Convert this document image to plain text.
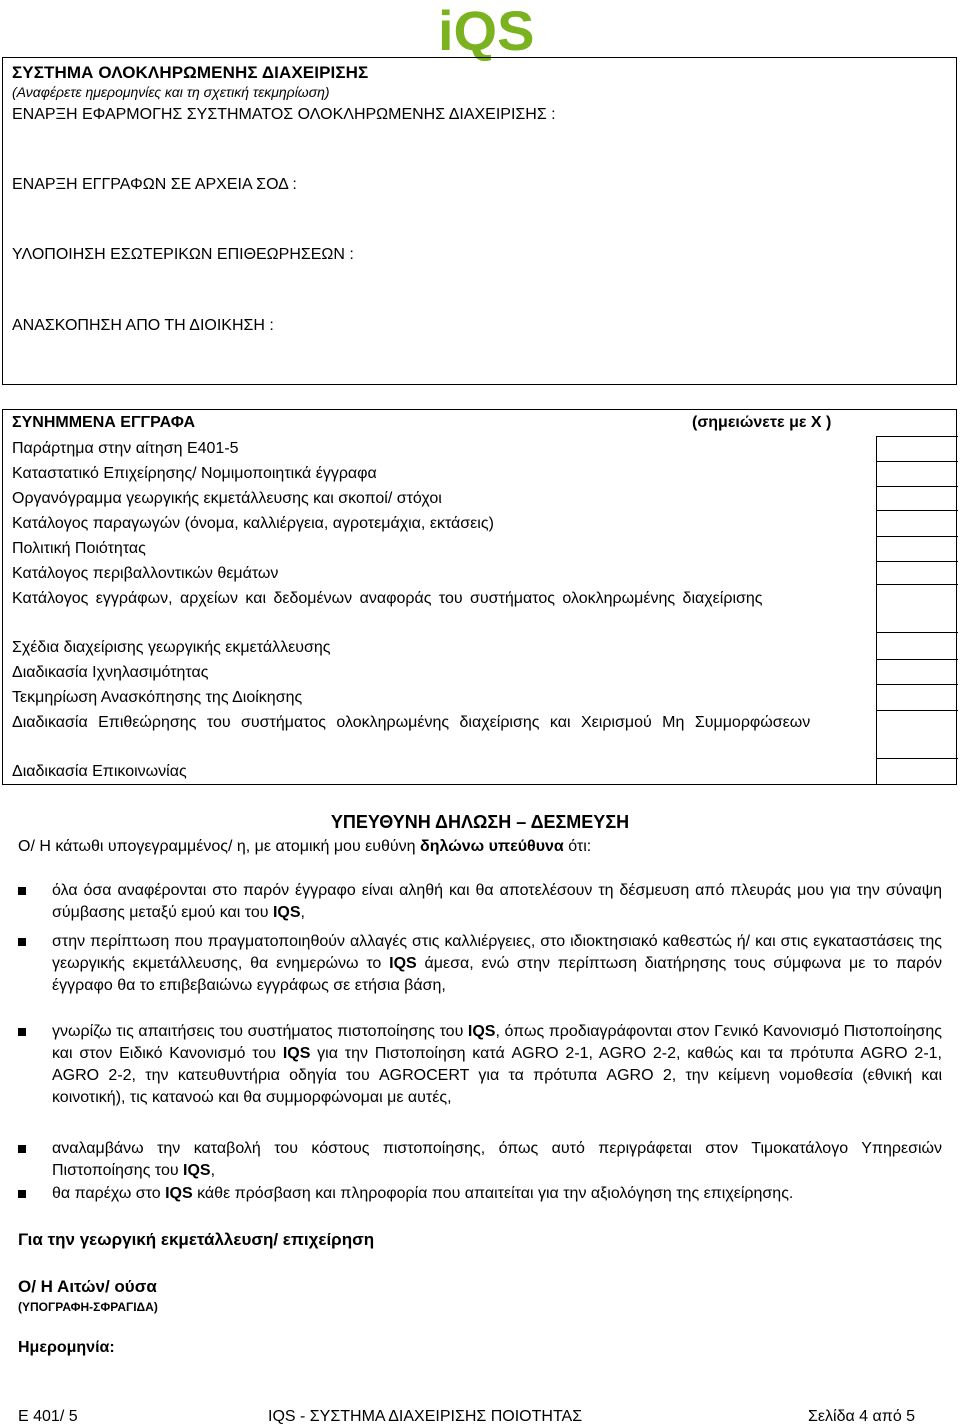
iQS
ΣΥΣΤΗΜΑ ΟΛΟΚΛΗΡΩΜΕΝΗΣ ΔΙΑΧΕΙΡΙΣΗΣ
(Αναφέρετε ημερομηνίες και τη σχετική τεκμηρίωση)
ΕΝΑΡΞΗ ΕΦΑΡΜΟΓΗΣ ΣΥΣΤΗΜΑΤΟΣ ΟΛΟΚΛΗΡΩΜΕΝΗΣ ΔΙΑΧΕΙΡΙΣΗΣ :
ΕΝΑΡΞΗ ΕΓΓΡΑΦΩΝ ΣΕ ΑΡΧΕΙΑ ΣΟΔ :
ΥΛΟΠΟΙΗΣΗ ΕΣΩΤΕΡΙΚΩΝ ΕΠΙΘΕΩΡΗΣΕΩΝ :
ΑΝΑΣΚΟΠΗΣΗ ΑΠΟ ΤΗ ΔΙΟΙΚΗΣΗ :
ΣΥΝΗΜΜΕΝΑ ΕΓΓΡΑΦΑ	(σημειώνετε με Χ )
Παράρτημα στην αίτηση Ε401-5
Καταστατικό Επιχείρησης/ Νομιμοποιητικά έγγραφα
Οργανόγραμμα γεωργικής εκμετάλλευσης και σκοποί/ στόχοι
Κατάλογος παραγωγών (όνομα, καλλιέργεια, αγροτεμάχια, εκτάσεις)
Πολιτική Ποιότητας
Κατάλογος περιβαλλοντικών θεμάτων
Κατάλογος εγγράφων, αρχείων και δεδομένων αναφοράς του συστήματος ολοκληρωμένης διαχείρισης
Σχέδια διαχείρισης γεωργικής εκμετάλλευσης
Διαδικασία Ιχνηλασιμότητας
Τεκμηρίωση Ανασκόπησης της Διοίκησης
Διαδικασία Επιθεώρησης του συστήματος ολοκληρωμένης διαχείρισης και Χειρισμού Μη Συμμορφώσεων
Διαδικασία Επικοινωνίας
ΥΠΕΥΘΥΝΗ ΔΗΛΩΣΗ – ΔΕΣΜΕΥΣΗ
Ο/ Η κάτωθι υπογεγραμμένος/ η, με ατομική μου ευθύνη δηλώνω υπεύθυνα ότι:
όλα όσα αναφέρονται στο παρόν έγγραφο είναι αληθή και θα αποτελέσουν τη δέσμευση από πλευράς μου για την σύναψη σύμβασης μεταξύ εμού και του IQS,
στην περίπτωση που πραγματοποιηθούν αλλαγές στις καλλιέργειες, στο ιδιοκτησιακό καθεστώς ή/ και στις εγκαταστάσεις της γεωργικής εκμετάλλευσης, θα ενημερώνω το IQS άμεσα, ενώ στην περίπτωση διατήρησης τους σύμφωνα με το παρόν έγγραφο θα το επιβεβαιώνω εγγράφως σε ετήσια βάση,
γνωρίζω τις απαιτήσεις του συστήματος πιστοποίησης του IQS, όπως προδιαγράφονται στον Γενικό Κανονισμό Πιστοποίησης και στον Ειδικό Κανονισμό του IQS για την Πιστοποίηση κατά AGRO 2-1, AGRO 2-2, καθώς και τα πρότυπα AGRO 2-1, AGRO 2-2, την κατευθυντήρια οδηγία του AGROCERT για τα πρότυπα AGRO 2, την κείμενη νομοθεσία (εθνική και κοινοτική), τις κατανοώ και θα συμμορφώνομαι με αυτές,
αναλαμβάνω την καταβολή του κόστους πιστοποίησης, όπως αυτό περιγράφεται στον Τιμοκατάλογο Υπηρεσιών Πιστοποίησης του IQS,
θα παρέχω στο IQS κάθε πρόσβαση και πληροφορία που απαιτείται για την αξιολόγηση της επιχείρησης.
Για την γεωργική εκμετάλλευση/ επιχείρηση
Ο/ Η Αιτών/ ούσα
(ΥΠΟΓΡΑΦΗ-ΣΦΡΑΓΙΔΑ)
Ημερομηνία:
Ε 401/ 5	IQS - ΣΥΣΤΗΜΑ ΔΙΑΧΕΙΡΙΣΗΣ ΠΟΙΟΤΗΤΑΣ	Σελίδα 4 από 5
